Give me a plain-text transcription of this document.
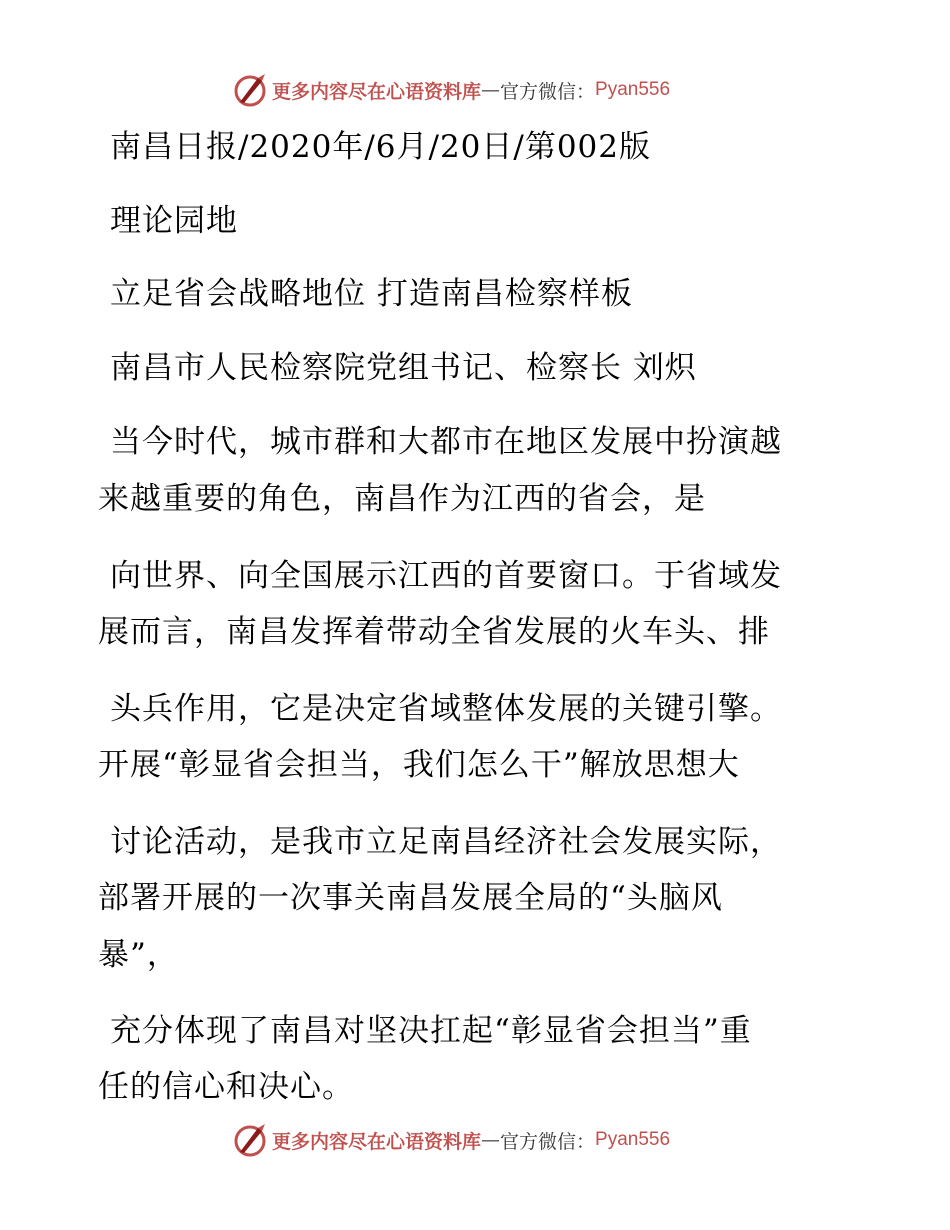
更多内容尽在心语资料库 — 官方微信： Pyan556
南昌日报/2020年/6月/20日/第002版
理论园地
立足省会战略地位 打造南昌检察样板
南昌市人民检察院党组书记、检察长 刘炽
当今时代，城市群和大都市在地区发展中扮演越
来越重要的角色，南昌作为江西的省会，是
向世界、向全国展示江西的首要窗口。于省域发
展而言，南昌发挥着带动全省发展的火车头、排
头兵作用，它是决定省域整体发展的关键引擎。
开展“彰显省会担当，我们怎么干”解放思想大
讨论活动，是我市立足南昌经济社会发展实际，
部署开展的一次事关南昌发展全局的“头脑风
暴”，
充分体现了南昌对坚决扛起“彰显省会担当”重
任的信心和决心。
更多内容尽在心语资料库 — 官方微信： Pyan556
